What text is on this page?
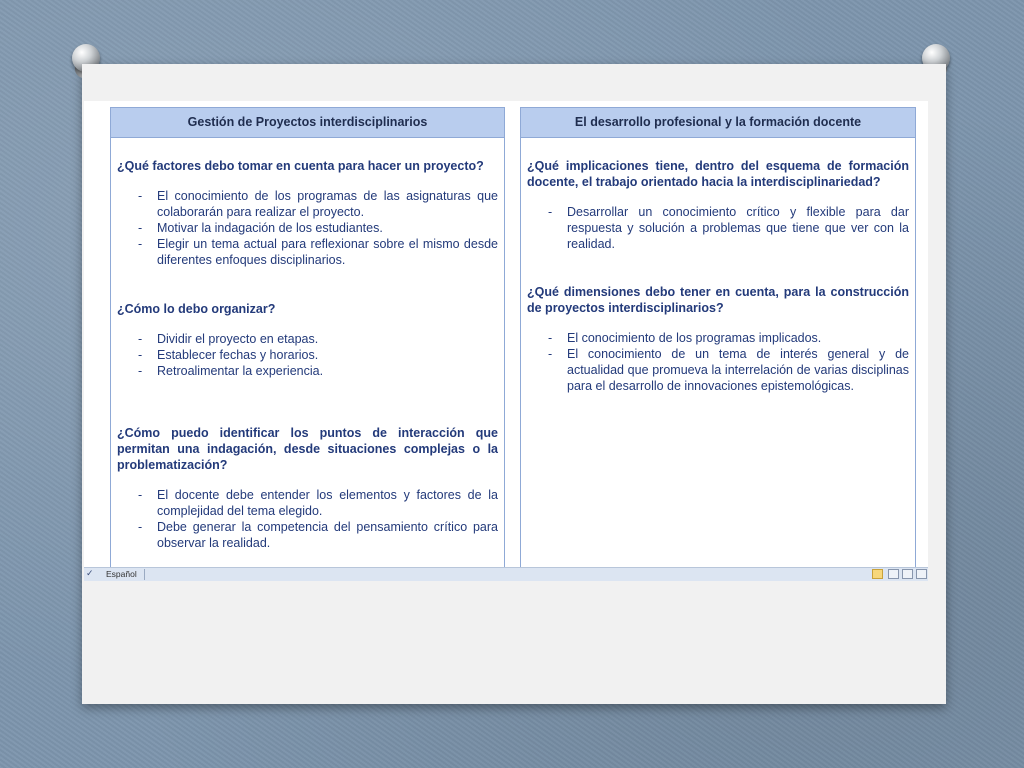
Gestión de Proyectos interdisciplinarios

¿Qué factores debo tomar en cuenta para hacer un proyecto?

- El conocimiento de los programas de las asignaturas que colaborarán para realizar el proyecto.
- Motivar la indagación de los estudiantes.
- Elegir un tema actual para reflexionar sobre el mismo desde diferentes enfoques disciplinarios.

¿Cómo lo debo organizar?

- Dividir el proyecto en etapas.
- Establecer fechas y horarios.
- Retroalimentar la experiencia.

¿Cómo puedo identificar los puntos de interacción que permitan una indagación, desde situaciones complejas o la problematización?

- El docente debe entender los elementos y factores de la complejidad del tema elegido.
- Debe generar la competencia del pensamiento crítico para observar la realidad.
El desarrollo profesional y la formación docente

¿Qué implicaciones tiene, dentro del esquema de formación docente, el trabajo orientado hacia la interdisciplinariedad?

- Desarrollar un conocimiento crítico y flexible para dar respuesta y solución a problemas que tiene que ver con la realidad.

¿Qué dimensiones debo tener en cuenta, para la construcción de proyectos interdisciplinarios?

- El conocimiento de los programas implicados.
- El conocimiento de un tema de interés general y de actualidad que promueva la interrelación de varias disciplinas para el desarrollo de innovaciones epistemológicas.
✓ Español
